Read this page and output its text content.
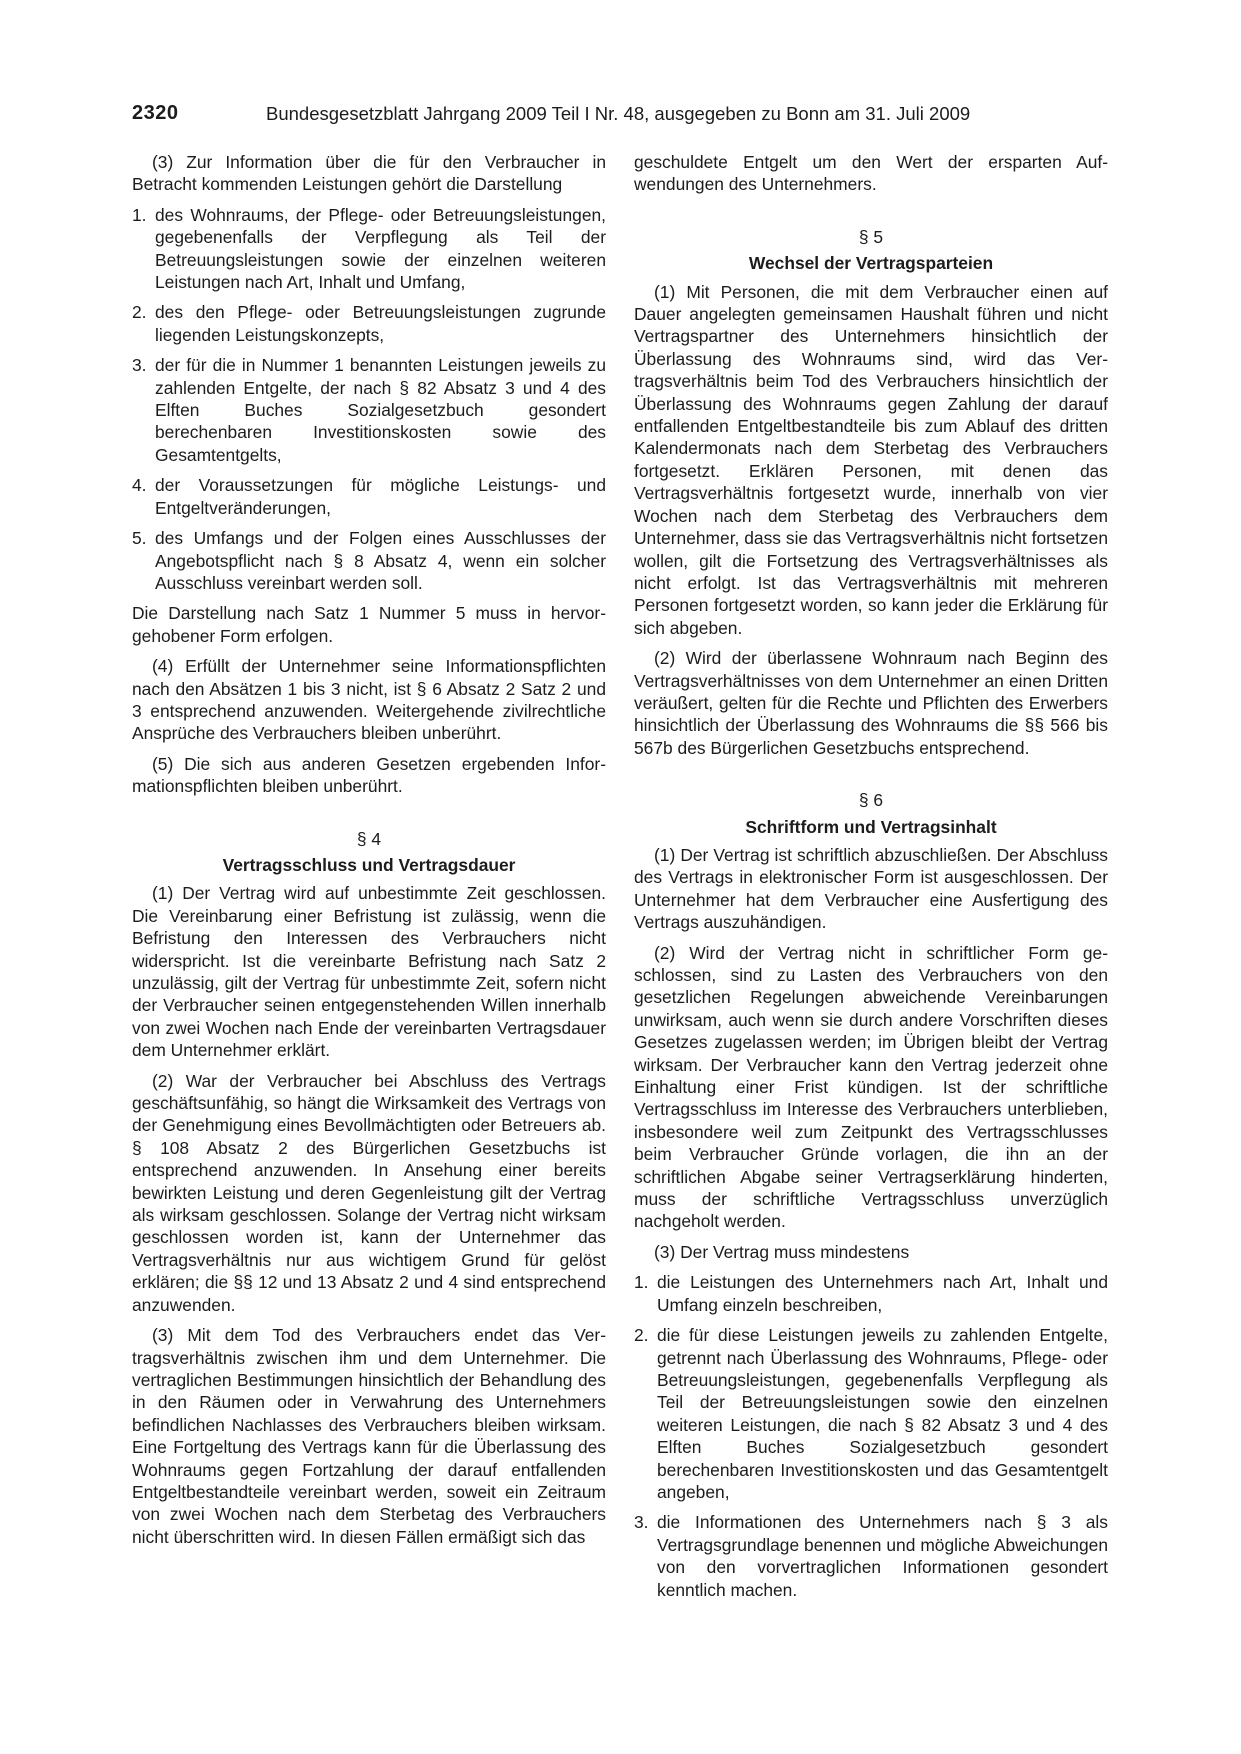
2320	Bundesgesetzblatt Jahrgang 2009 Teil I Nr. 48, ausgegeben zu Bonn am 31. Juli 2009

(3) Zur Information über die für den Verbraucher in Betracht kommenden Leistungen gehört die Darstellung

1. des Wohnraums, der Pflege- oder Betreuungsleistungen, gegebenenfalls der Verpflegung als Teil der Betreuungsleistungen sowie der einzelnen weiteren Leistungen nach Art, Inhalt und Umfang,
2. des den Pflege- oder Betreuungsleistungen zugrunde liegenden Leistungskonzepts,
3. der für die in Nummer 1 benannten Leistungen jeweils zu zahlenden Entgelte, der nach § 82 Absatz 3 und 4 des Elften Buches Sozialgesetzbuch gesondert berechenbaren Investitionskosten sowie des Gesamtentgelts,
4. der Voraussetzungen für mögliche Leistungs- und Entgeltveränderungen,
5. des Umfangs und der Folgen eines Ausschlusses der Angebotspflicht nach § 8 Absatz 4, wenn ein solcher Ausschluss vereinbart werden soll.

Die Darstellung nach Satz 1 Nummer 5 muss in hervorgehobener Form erfolgen.

(4) Erfüllt der Unternehmer seine Informationspflichten nach den Absätzen 1 bis 3 nicht, ist § 6 Absatz 2 Satz 2 und 3 entsprechend anzuwenden. Weitergehende zivilrechtliche Ansprüche des Verbrauchers bleiben unberührt.

(5) Die sich aus anderen Gesetzen ergebenden Informationspflichten bleiben unberührt.

§ 4
Vertragsschluss und Vertragsdauer

(1) Der Vertrag wird auf unbestimmte Zeit geschlossen. Die Vereinbarung einer Befristung ist zulässig, wenn die Befristung den Interessen des Verbrauchers nicht widerspricht. Ist die vereinbarte Befristung nach Satz 2 unzulässig, gilt der Vertrag für unbestimmte Zeit, sofern nicht der Verbraucher seinen entgegenstehenden Willen innerhalb von zwei Wochen nach Ende der vereinbarten Vertragsdauer dem Unternehmer erklärt.

(2) War der Verbraucher bei Abschluss des Vertrags geschäftsunfähig, so hängt die Wirksamkeit des Vertrags von der Genehmigung eines Bevollmächtigten oder Betreuers ab. § 108 Absatz 2 des Bürgerlichen Gesetzbuchs ist entsprechend anzuwenden. In Ansehung einer bereits bewirkten Leistung und deren Gegenleistung gilt der Vertrag als wirksam geschlossen. Solange der Vertrag nicht wirksam geschlossen worden ist, kann der Unternehmer das Vertragsverhältnis nur aus wichtigem Grund für gelöst erklären; die §§ 12 und 13 Absatz 2 und 4 sind entsprechend anzuwenden.

(3) Mit dem Tod des Verbrauchers endet das Vertragsverhältnis zwischen ihm und dem Unternehmer. Die vertraglichen Bestimmungen hinsichtlich der Behandlung des in den Räumen oder in Verwahrung des Unternehmers befindlichen Nachlasses des Verbrauchers bleiben wirksam. Eine Fortgeltung des Vertrags kann für die Überlassung des Wohnraums gegen Fortzahlung der darauf entfallenden Entgeltbestandteile vereinbart werden, soweit ein Zeitraum von zwei Wochen nach dem Sterbetag des Verbrauchers nicht überschritten wird. In diesen Fällen ermäßigt sich das

geschuldete Entgelt um den Wert der ersparten Aufwendungen des Unternehmers.

§ 5
Wechsel der Vertragsparteien

(1) Mit Personen, die mit dem Verbraucher einen auf Dauer angelegten gemeinsamen Haushalt führen und nicht Vertragspartner des Unternehmers hinsichtlich der Überlassung des Wohnraums sind, wird das Vertragsverhältnis beim Tod des Verbrauchers hinsichtlich der Überlassung des Wohnraums gegen Zahlung der darauf entfallenden Entgeltbestandteile bis zum Ablauf des dritten Kalendermonats nach dem Sterbetag des Verbrauchers fortgesetzt. Erklären Personen, mit denen das Vertragsverhältnis fortgesetzt wurde, innerhalb von vier Wochen nach dem Sterbetag des Verbrauchers dem Unternehmer, dass sie das Vertragsverhältnis nicht fortsetzen wollen, gilt die Fortsetzung des Vertragsverhältnisses als nicht erfolgt. Ist das Vertragsverhältnis mit mehreren Personen fortgesetzt worden, so kann jeder die Erklärung für sich abgeben.

(2) Wird der überlassene Wohnraum nach Beginn des Vertragsverhältnisses von dem Unternehmer an einen Dritten veräußert, gelten für die Rechte und Pflichten des Erwerbers hinsichtlich der Überlassung des Wohnraums die §§ 566 bis 567b des Bürgerlichen Gesetzbuchs entsprechend.

§ 6
Schriftform und Vertragsinhalt

(1) Der Vertrag ist schriftlich abzuschließen. Der Abschluss des Vertrags in elektronischer Form ist ausgeschlossen. Der Unternehmer hat dem Verbraucher eine Ausfertigung des Vertrags auszuhändigen.

(2) Wird der Vertrag nicht in schriftlicher Form geschlossen, sind zu Lasten des Verbrauchers von den gesetzlichen Regelungen abweichende Vereinbarungen unwirksam, auch wenn sie durch andere Vorschriften dieses Gesetzes zugelassen werden; im Übrigen bleibt der Vertrag wirksam. Der Verbraucher kann den Vertrag jederzeit ohne Einhaltung einer Frist kündigen. Ist der schriftliche Vertragsschluss im Interesse des Verbrauchers unterblieben, insbesondere weil zum Zeitpunkt des Vertragsschlusses beim Verbraucher Gründe vorlagen, die ihn an der schriftlichen Abgabe seiner Vertragserklärung hinderten, muss der schriftliche Vertragsschluss unverzüglich nachgeholt werden.

(3) Der Vertrag muss mindestens

1. die Leistungen des Unternehmers nach Art, Inhalt und Umfang einzeln beschreiben,
2. die für diese Leistungen jeweils zu zahlenden Entgelte, getrennt nach Überlassung des Wohnraums, Pflege- oder Betreuungsleistungen, gegebenenfalls Verpflegung als Teil der Betreuungsleistungen sowie den einzelnen weiteren Leistungen, die nach § 82 Absatz 3 und 4 des Elften Buches Sozialgesetzbuch gesondert berechenbaren Investitionskosten und das Gesamtentgelt angeben,
3. die Informationen des Unternehmers nach § 3 als Vertragsgrundlage benennen und mögliche Abweichungen von den vorvertraglichen Informationen gesondert kenntlich machen.
